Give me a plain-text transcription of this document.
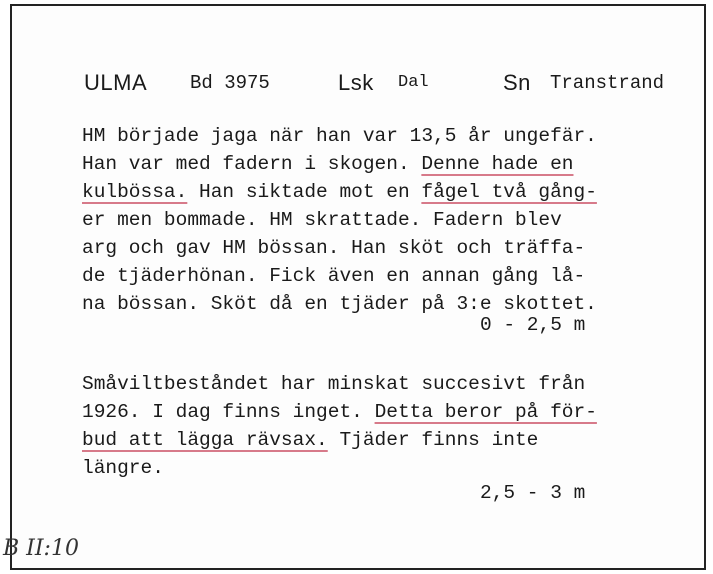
ULMA Bd 3975	Lsk Dal	Sn Transtrand
HM började jaga när han var 13,5 år ungefär.
Han var med fadern i skogen. Denne hade en
kulbössa. Han siktade mot en fågel två gång-
er men bommade. HM skrattade. Fadern blev
arg och gav HM bössan. Han sköt och träffa-
de tjäderhönan. Fick även en annan gång lå-
na bössan. Sköt då en tjäder på 3:e skottet.
0 - 2,5 m
Småviltbeståndet har minskat succesivt från
1926. I dag finns inget. Detta beror på för-
bud att lägga rävsax. Tjäder finns inte
längre.
2,5 - 3 m
B II:10
